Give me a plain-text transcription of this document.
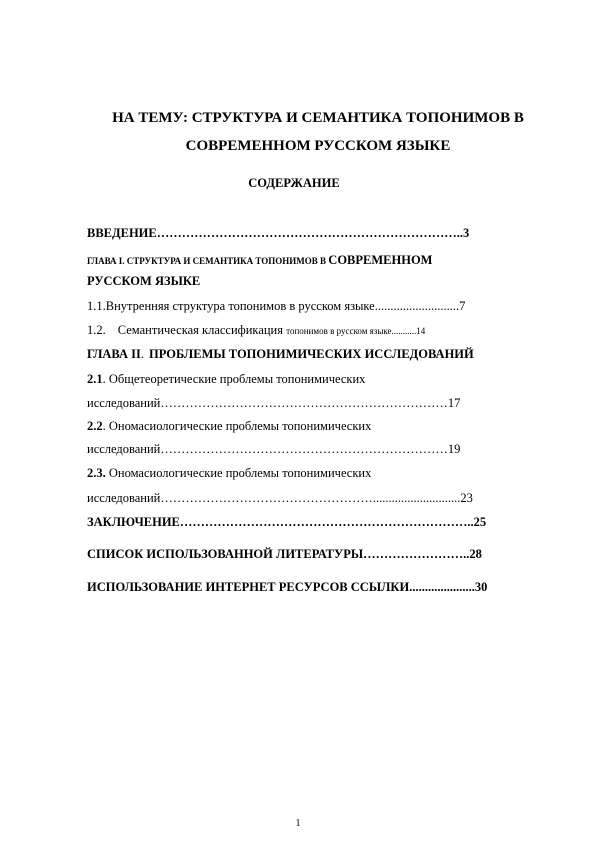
НА ТЕМУ: СТРУКТУРА И СЕМАНТИКА ТОПОНИМОВ В
СОВРЕМЕННОМ РУССКОМ ЯЗЫКЕ
СОДЕРЖАНИЕ
ВВЕДЕНИЕ………………………………………………………………..3
ГЛАВА I. СТРУКТУРА И СЕМАНТИКА ТОПОНИМОВ В СОВРЕМЕННОМ
РУССКОМ ЯЗЫКЕ
1.1.Внутренняя структура топонимов в русском языке...........................7
1.2. Семантическая классификация топонимов в русском языке...........14
ГЛАВА II. ПРОБЛЕМЫ ТОПОНИМИЧЕСКИХ ИССЛЕДОВАНИЙ
2.1. Общетеоретические проблемы топонимических
исследований……………………………………………………………17
2.2. Ономасиологические проблемы топонимических
исследований……………………………………………………………19
2.3. Ономасиологические проблемы топонимических
исследований……………………………………………............................23
ЗАКЛЮЧЕНИЕ……………………………………………………………..25
СПИСОК ИСПОЛЬЗОВАННОЙ ЛИТЕРАТУРЫ……………………..28
ИСПОЛЬЗОВАНИЕ ИНТЕРНЕТ РЕСУРСОВ ССЫЛКИ.....................30
1
